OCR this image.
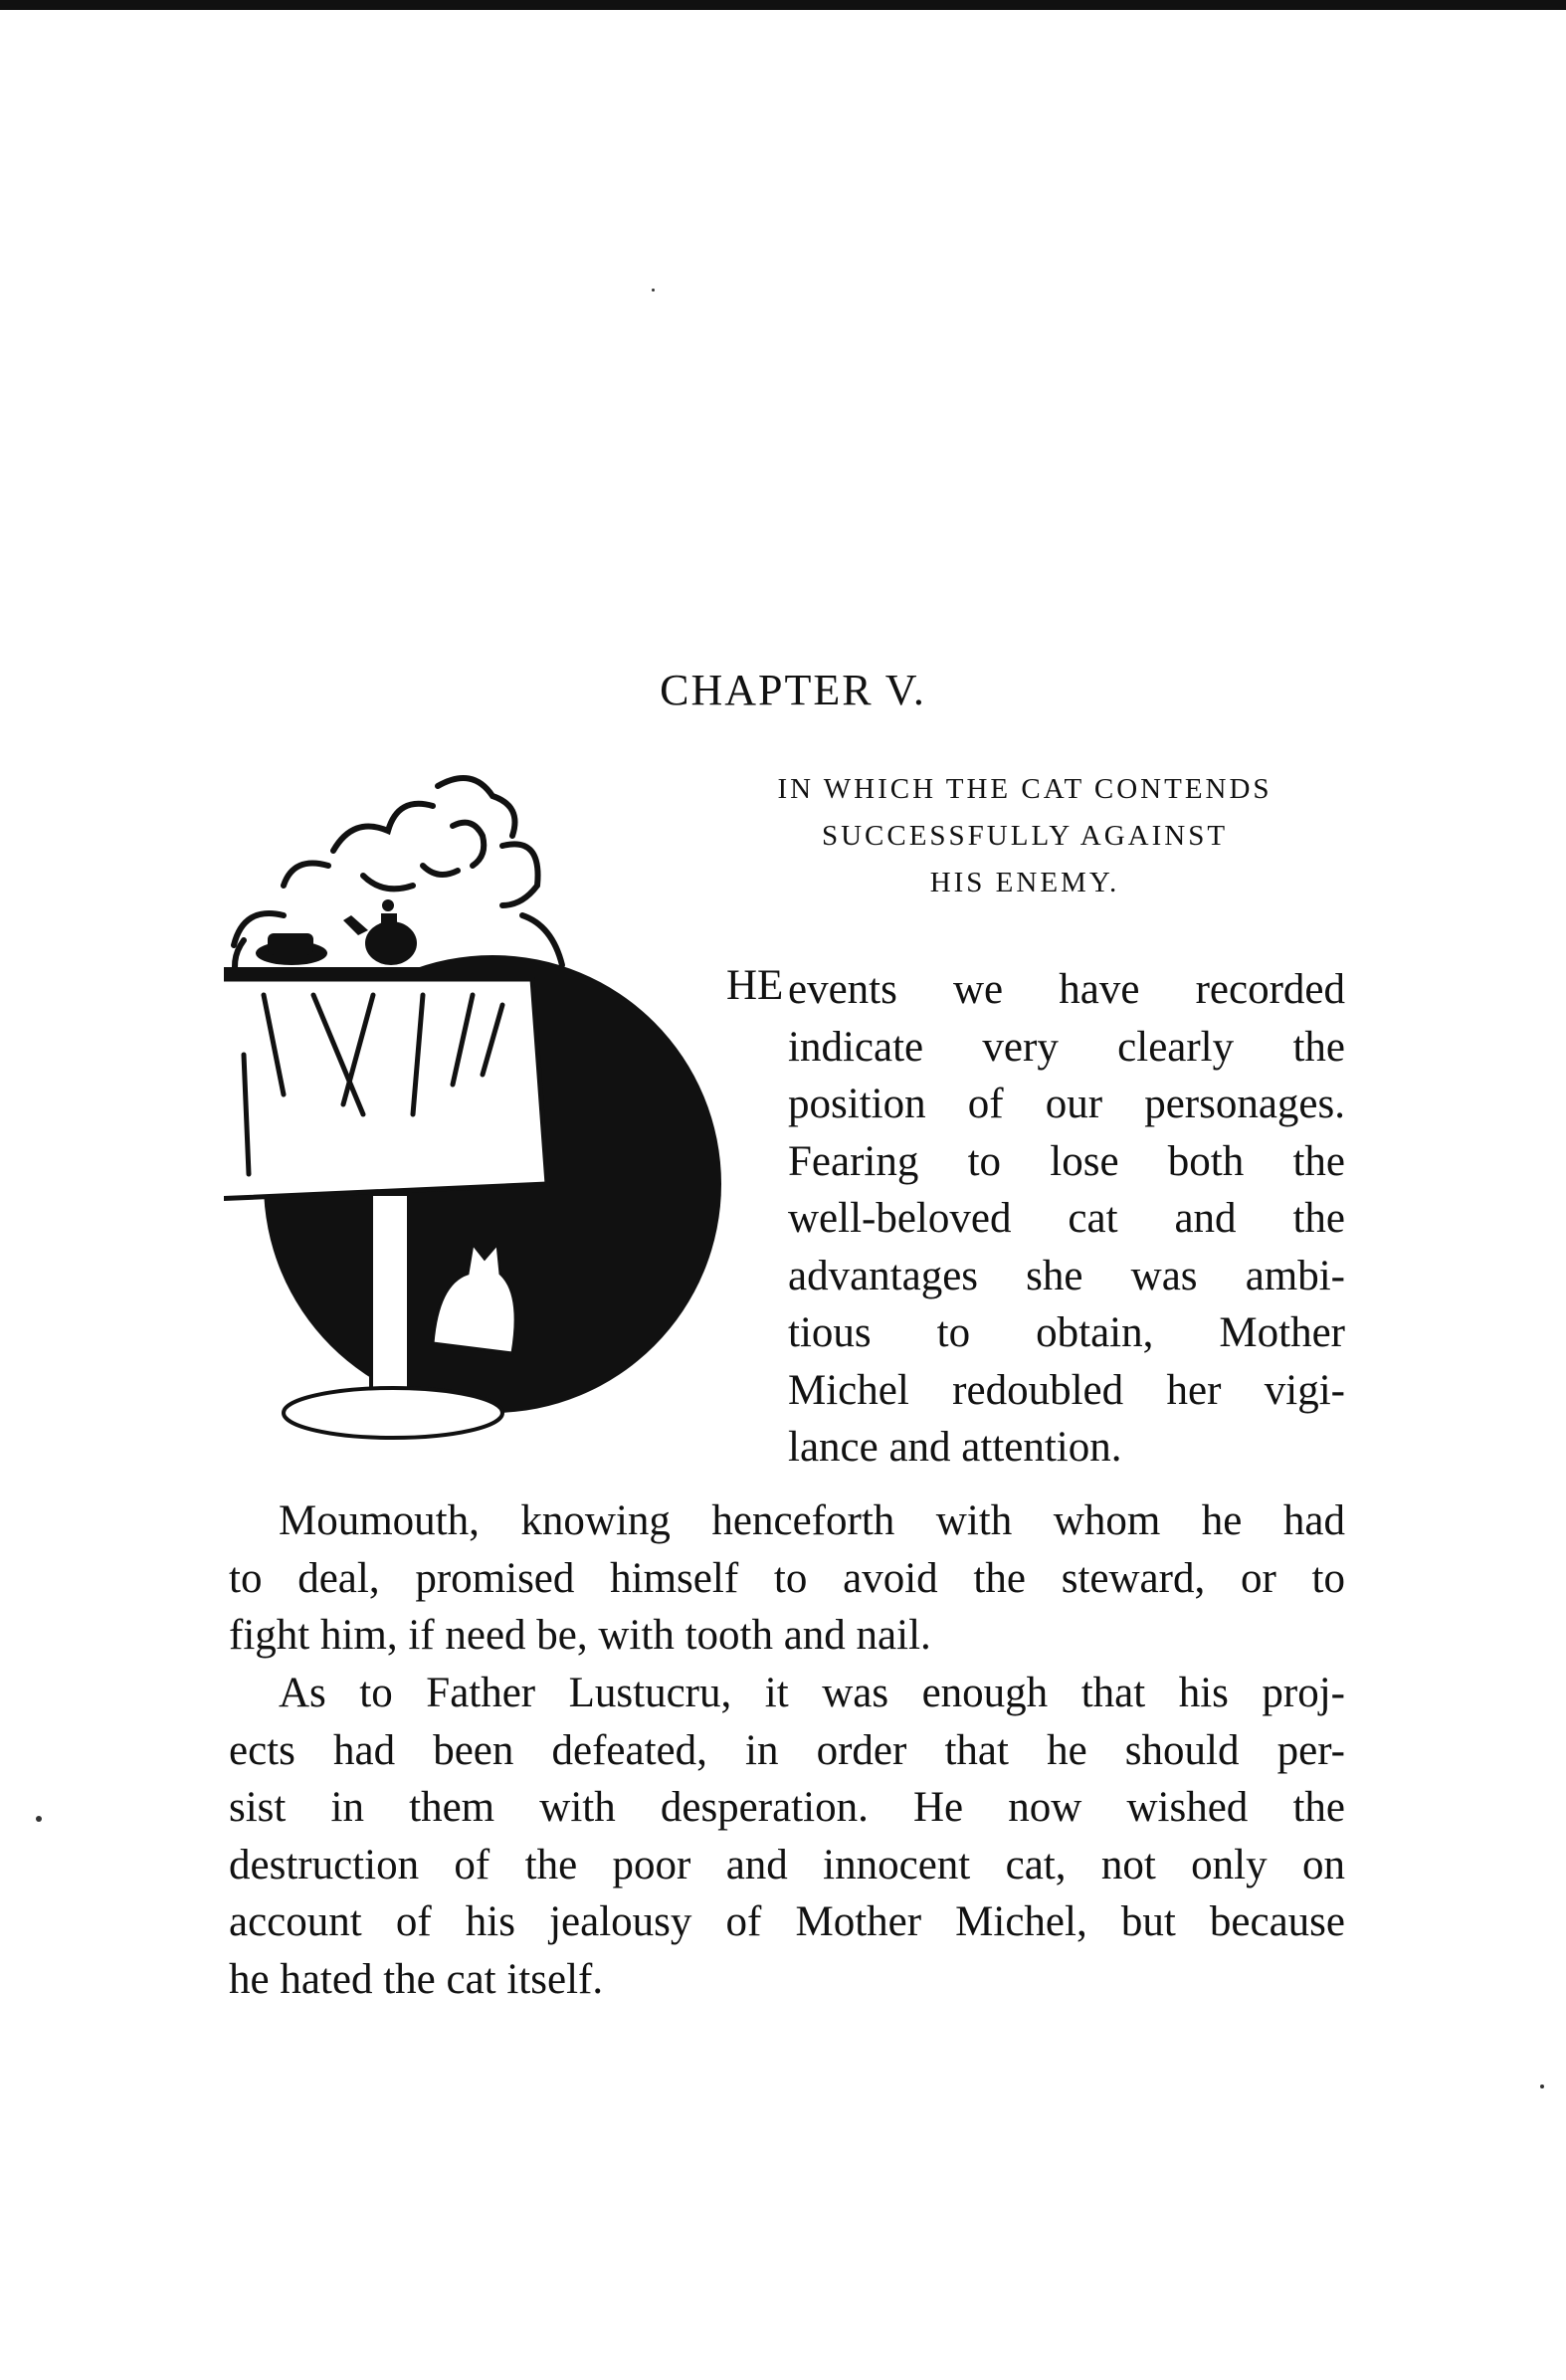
CHAPTER V.
IN WHICH THE CAT CONTENDS
SUCCESSFULLY AGAINST
HIS ENEMY.
HE events we have recorded
indicate very clearly the
position of our personages.
Fearing to lose both the
well-beloved cat and the
advantages she was ambi-
tious to obtain, Mother
Michel redoubled her vigi-
lance and attention.
Moumouth, knowing henceforth with whom he had
to deal, promised himself to avoid the steward, or to
fight him, if need be, with tooth and nail.
As to Father Lustucru, it was enough that his proj-
ects had been defeated, in order that he should per-
sist in them with desperation. He now wished the
destruction of the poor and innocent cat, not only on
account of his jealousy of Mother Michel, but because
he hated the cat itself.
